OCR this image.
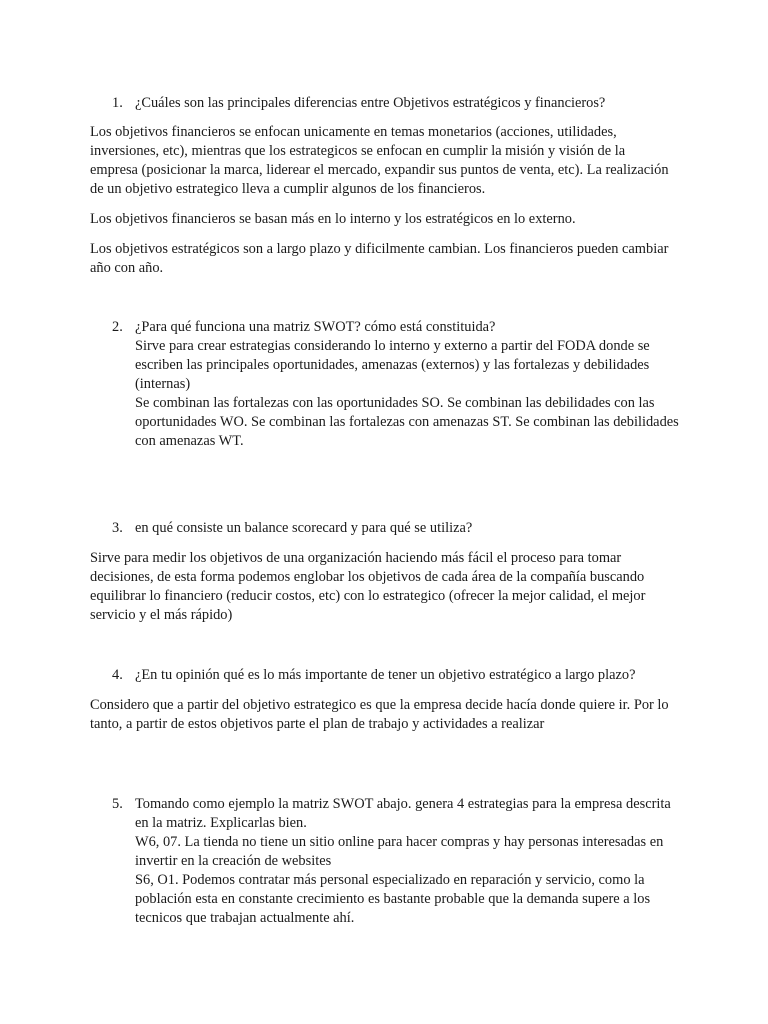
1. ¿Cuáles son las principales diferencias entre Objetivos estratégicos y financieros?

Los objetivos financieros se enfocan unicamente en temas monetarios (acciones, utilidades, inversiones, etc), mientras que los estrategicos se enfocan en cumplir la misión y visión de la empresa (posicionar la marca, liderear el mercado, expandir sus puntos de venta, etc). La realización de un objetivo estrategico lleva a cumplir algunos de los financieros.

Los objetivos financieros se basan más en lo interno y los estratégicos en lo externo.

Los objetivos estratégicos son a largo plazo y dificilmente cambian. Los financieros pueden cambiar año con año.

2. ¿Para qué funciona una matriz SWOT? cómo está constituida?
Sirve para crear estrategias considerando lo interno y externo a partir del FODA donde se escriben las principales oportunidades, amenazas (externos) y las fortalezas y debilidades (internas)
Se combinan las fortalezas con las oportunidades SO. Se combinan las debilidades con las oportunidades WO. Se combinan las fortalezas con amenazas ST. Se combinan las debilidades con amenazas WT.
3. en qué consiste un balance scorecard y para qué se utiliza?

Sirve para medir los objetivos de una organización haciendo más fácil el proceso para tomar decisiones, de esta forma podemos englobar los objetivos de cada área de la compañía buscando equilibrar lo financiero (reducir costos, etc) con lo estrategico (ofrecer la mejor calidad, el mejor servicio y el más rápido)

4. ¿En tu opinión qué es lo más importante de tener un objetivo estratégico a largo plazo?

Considero que a partir del objetivo estrategico es que la empresa decide hacía donde quiere ir. Por lo tanto, a partir de estos objetivos parte el plan de trabajo y actividades a realizar

5. Tomando como ejemplo la matriz SWOT abajo. genera 4 estrategias para la empresa descrita en la matriz. Explicarlas bien.
W6, 07. La tienda no tiene un sitio online para hacer compras y hay personas interesadas en invertir en la creación de websites
S6, O1. Podemos contratar más personal especializado en reparación y servicio, como la población esta en constante crecimiento es bastante probable que la demanda supere a los tecnicos que trabajan actualmente ahí.
